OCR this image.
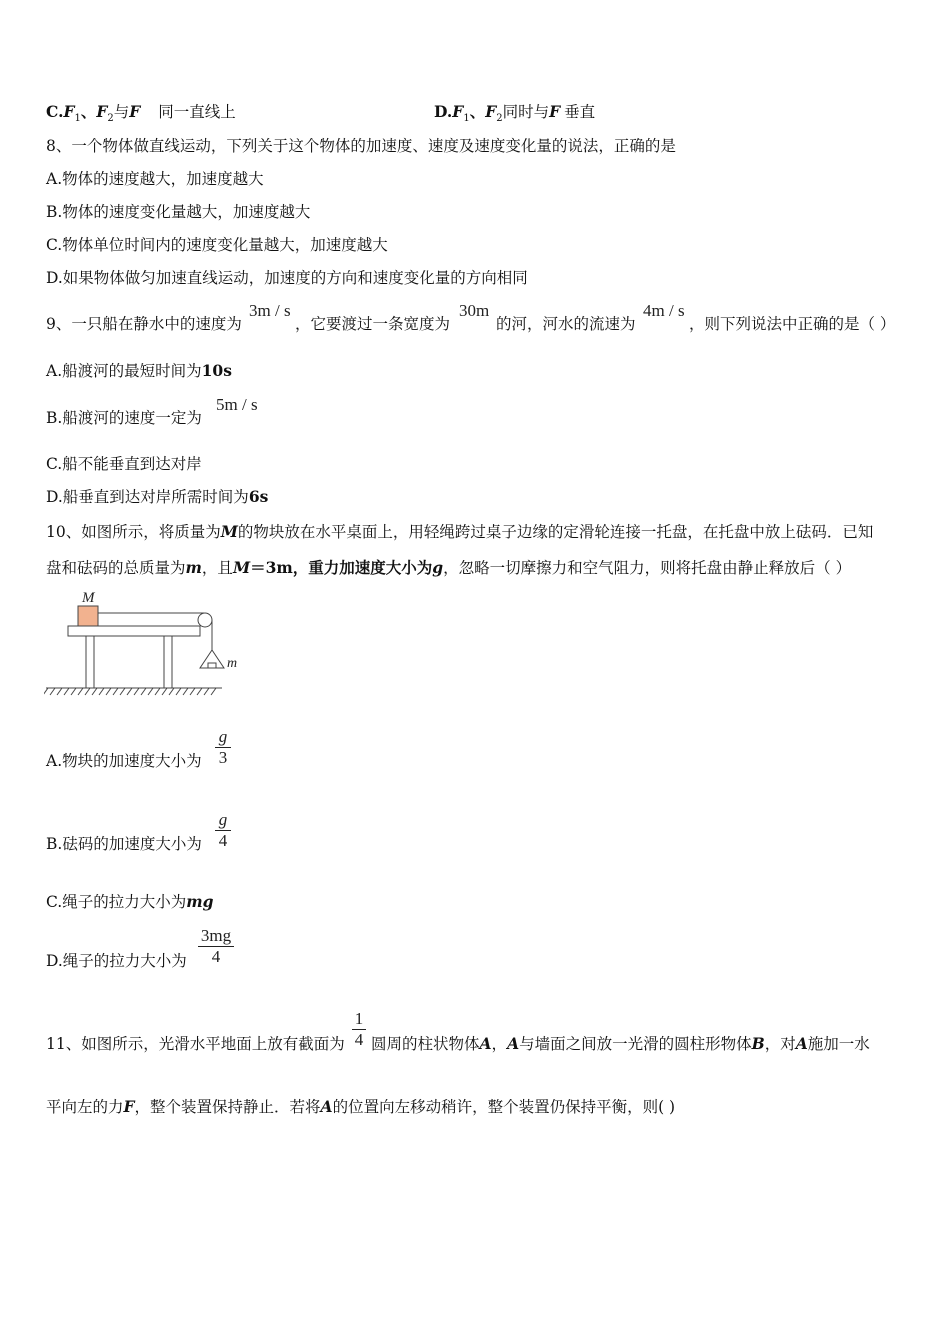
$C.F_1$、$F_2$与F 同一直线上	$D.F_1$、$F_2$同时与F 垂直
8、一个物体做直线运动，下列关于这个物体的加速度、速度及速度变化量的说法，正确的是
A.物体的速度越大，加速度越大
B.物体的速度变化量越大，加速度越大
C.物体单位时间内的速度变化量越大，加速度越大
D.如果物体做匀加速直线运动，加速度的方向和速度变化量的方向相同
9、一只船在静水中的速度为
3m / s
，它要渡过一条宽度为
30m
的河，河水的流速为
4m / s
，则下列说法中正确的是（ ）
A.船渡河的最短时间为10s
B.船渡河的速度一定为
5m / s
C.船不能垂直到达对岸
D.船垂直到达对岸所需时间为6s
10、如图所示，将质量为M的物块放在水平桌面上，用轻绳跨过桌子边缘的定滑轮连接一托盘，在托盘中放上砝码．已知
盘和砝码的总质量为m，且M＝3m，重力加速度大小为g，忽略一切摩擦力和空气阻力，则将托盘由静止释放后（ ）
M
m
A.物块的加速度大小为
g
3
B.砝码的加速度大小为
g
4
C.绳子的拉力大小为mg
D.绳子的拉力大小为
3mg
4
11、如图所示，光滑水平地面上放有截面为
1
4 圆周的柱状物体A，A与墙面之间放一光滑的圆柱形物体B，对A施加一水
平向左的力F，整个装置保持静止．若将A的位置向左移动稍许，整个装置仍保持平衡，则( )
